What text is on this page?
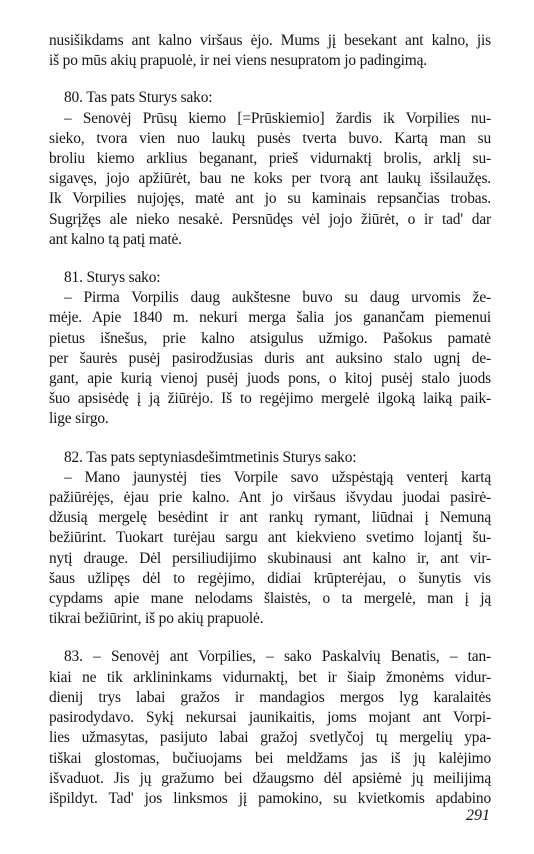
nusišikdams ant kalno viršaus ėjo. Mums jį besekant ant kalno, jis
iš po mūs akių prapuolė, ir nei viens nesupratom jo padingimą.
80. Tas pats Sturys sako:
– Senovėj Prūsų kiemo [=Prūskiemio] žardis ik Vorpilies nu-
sieko, tvora vien nuo laukų pusės tverta buvo. Kartą man su
broliu kiemo arklius beganant, prieš vidurnaktį brolis, arklį su-
sigavęs, jojo apžiūrėt, bau ne koks per tvorą ant laukų išsilaužęs.
Ik Vorpilies nujojęs, matė ant jo su kaminais repsančias trobas.
Sugrįžęs ale nieko nesakė. Persnūdęs vėl jojo žiūrėt, o ir tad' dar
ant kalno tą patį matė.
81. Sturys sako:
– Pirma Vorpilis daug aukštesne buvo su daug urvomis že-
mėje. Apie 1840 m. nekuri merga šalia jos ganančam piemenui
pietus išnešus, prie kalno atsigulus užmigo. Pašokus pamatė
per šaurės pusėj pasirodžusias duris ant auksino stalo ugnį de-
gant, apie kurią vienoj pusėj juods pons, o kitoj pusėj stalo juods
šuo apsisėdę į ją žiūrėjo. Iš to regėjimo mergelė ilgoką laiką paik-
lige sirgo.
82. Tas pats septyniasdešimtmetinis Sturys sako:
– Mano jaunystėj ties Vorpile savo užspėstąją venterį kartą
pažiūrėjęs, ėjau prie kalno. Ant jo viršaus išvydau juodai pasirė-
džusią mergelę besėdint ir ant rankų rymant, liūdnai į Nemuną
bežiūrint. Tuokart turėjau sargu ant kiekvieno svetimo lojantį šu-
nytį drauge. Dėl persiliudijimo skubinausi ant kalno ir, ant vir-
šaus užlipęs dėl to regėjimo, didiai krūpterėjau, o šunytis vis
cypdams apie mane nelodams šlaistės, o ta mergelė, man į ją
tikrai bežiūrint, iš po akių prapuolė.
83. – Senovėj ant Vorpilies, – sako Paskalvių Benatis, – tan-
kiai ne tik arklininkams vidurnaktį, bet ir šiaip žmonėms vidur-
dienij trys labai gražos ir mandagios mergos lyg karalaitės
pasirodydavo. Sykį nekursai jaunikaitis, joms mojant ant Vorpi-
lies užmasytas, pasijuto labai gražoj svetlyčoj tų mergelių ypa-
tiškai glostomas, bučiuojams bei meldžams jas iš jų kalėjimo
išvaduot. Jis jų gražumo bei džaugsmo dėl apsiėmė jų meilijimą
išpildyt. Tad' jos linksmos jį pamokino, su kvietkomis apdabino
291
